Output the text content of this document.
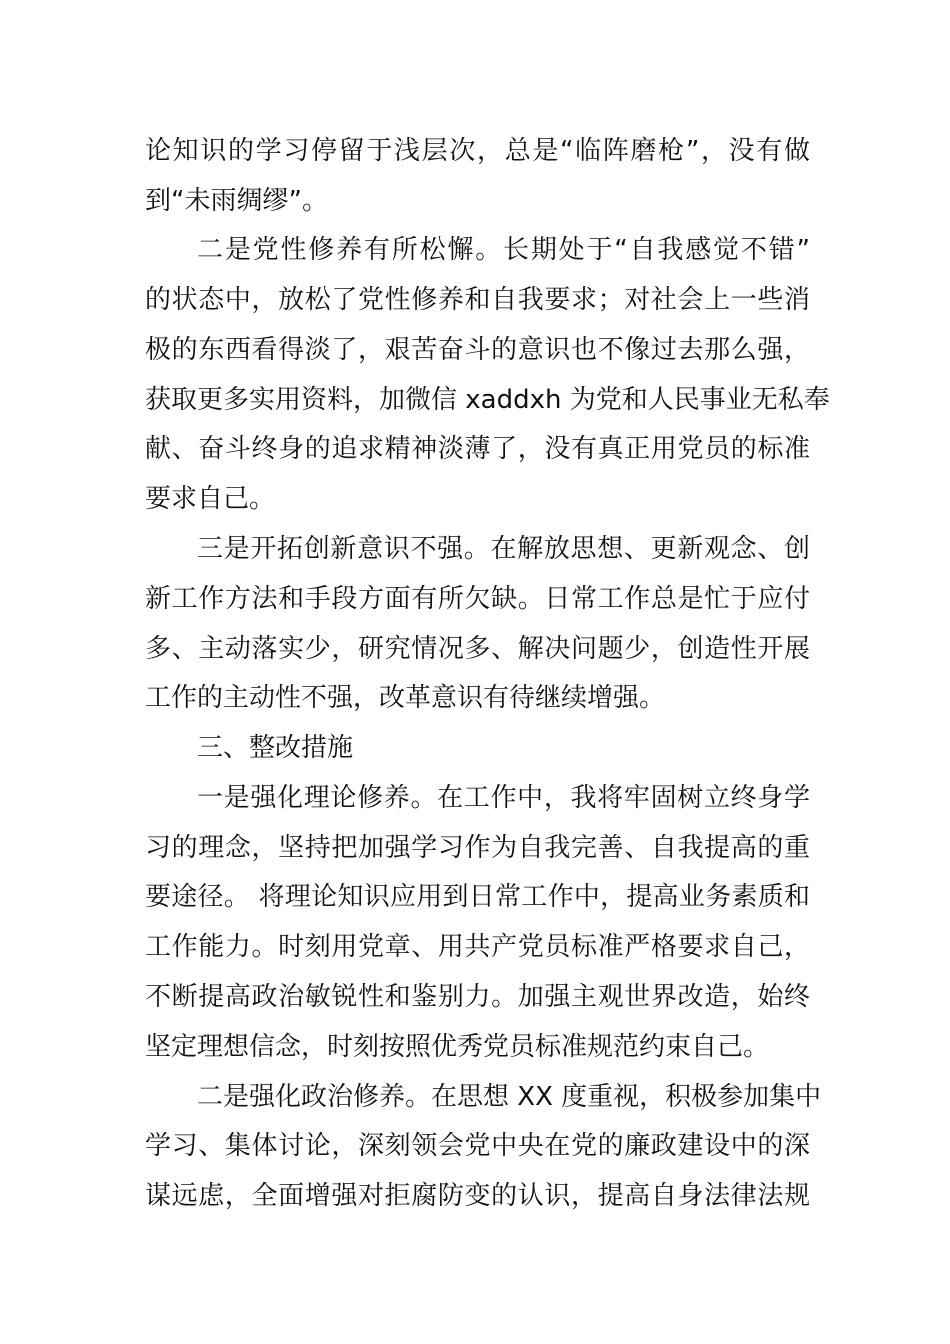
论知识的学习停留于浅层次，总是“临阵磨枪”，没有做

到“未雨绸缪”。

二是党性修养有所松懈。长期处于“自我感觉不错”

的状态中，放松了党性修养和自我要求；对社会上一些消

极的东西看得淡了，艰苦奋斗的意识也不像过去那么强，

获取更多实用资料，加微信 xaddxh 为党和人民事业无私奉

献、奋斗终身的追求精神淡薄了，没有真正用党员的标准

要求自己。

三是开拓创新意识不强。在解放思想、更新观念、创

新工作方法和手段方面有所欠缺。日常工作总是忙于应付

多、主动落实少，研究情况多、解决问题少，创造性开展

工作的主动性不强，改革意识有待继续增强。

三、整改措施

一是强化理论修养。在工作中，我将牢固树立终身学

习的理念，坚持把加强学习作为自我完善、自我提高的重

要途径。 将理论知识应用到日常工作中，提高业务素质和

工作能力。时刻用党章、用共产党员标准严格要求自己，

不断提高政治敏锐性和鉴别力。加强主观世界改造，始终

坚定理想信念，时刻按照优秀党员标准规范约束自己。

二是强化政治修养。在思想 XX 度重视，积极参加集中

学习、集体讨论，深刻领会党中央在党的廉政建设中的深

谋远虑，全面增强对拒腐防变的认识，提高自身法律法规
